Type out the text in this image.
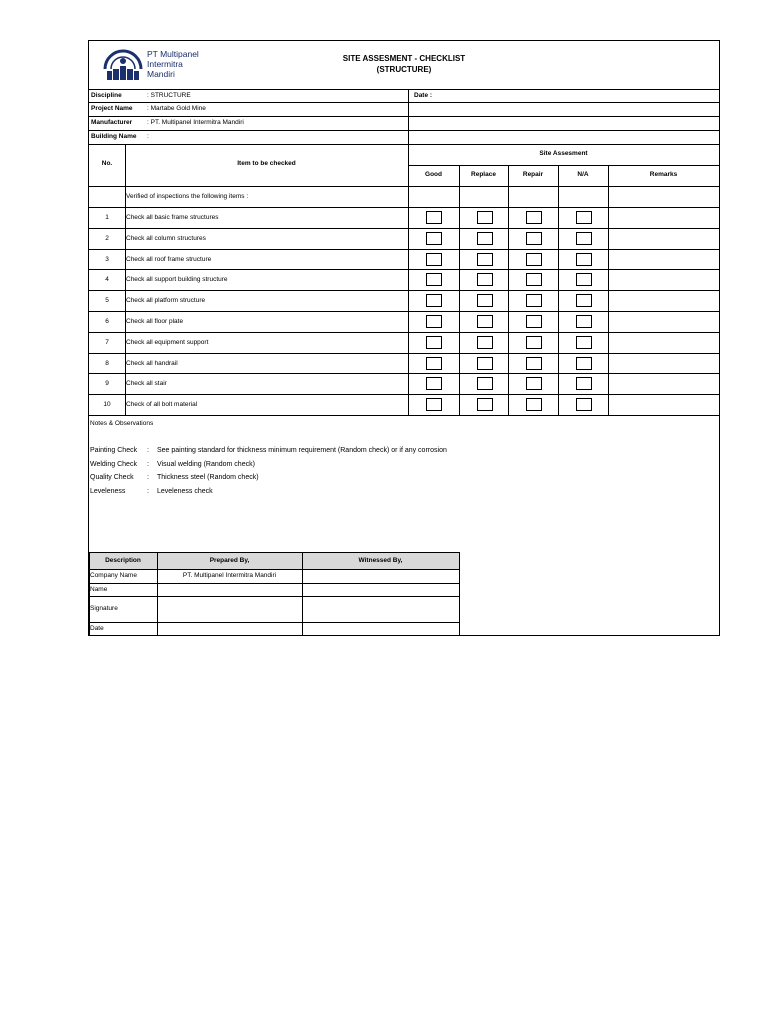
PT Multipanel
Intermitra
Mandiri
SITE ASSESMENT - CHECKLIST
(STRUCTURE)
Discipline	: STRUCTURE
Project Name : Martabe Gold Mine
Manufacturer : PT. Multipanel Intermitra Mandiri
Building Name :
Date :
No.	Item to be checked
Site Assesment
Good	Replace	Repair	N/A	Remarks
Verified of inspections the following items :
1	Check all basic frame structures
2	Check all column structures
3	Check all roof frame structure
4	Check all support building structure
5	Check all platform structure
6	Check all floor plate
7	Check all equipment support
8	Check all handrail
9	Check all stair
10	Check of all bolt material
Notes & Observations
Painting Check : See painting standard for thickness minimum requirement (Random check) or if any corrosion
Welding Check : Visual welding (Random check)
Quality Check : Thickness steel (Random check)
Leveleness	: Leveleness check
Description	Prepared By,	Witnessed By,
Company Name	PT. Multipanel Intermitra Mandiri
Name
Signature
Date
